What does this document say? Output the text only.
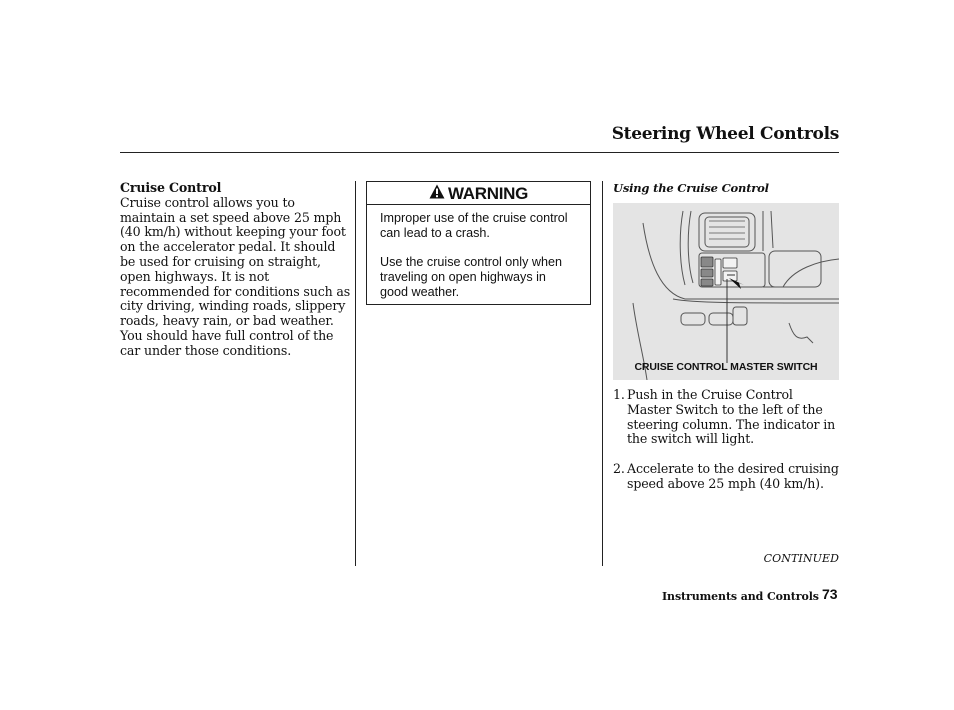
Steering Wheel Controls
Cruise Control

Cruise control allows you to maintain a set speed above 25 mph (40 km/h) without keeping your foot on the accelerator pedal. It should be used for cruising on straight, open highways. It is not recommended for conditions such as city driving, winding roads, slippery roads, heavy rain, or bad weather. You should have full control of the car under those conditions.

WARNING

Improper use of the cruise control can lead to a crash.

Use the cruise control only when traveling on open highways in good weather.

Using the Cruise Control
CRUISE CONTROL MASTER SWITCH
1. Push in the Cruise Control Master Switch to the left of the steering column. The indicator in the switch will light.
2. Accelerate to the desired cruising speed above 25 mph (40 km/h).
CONTINUED
Instruments and Controls 73
